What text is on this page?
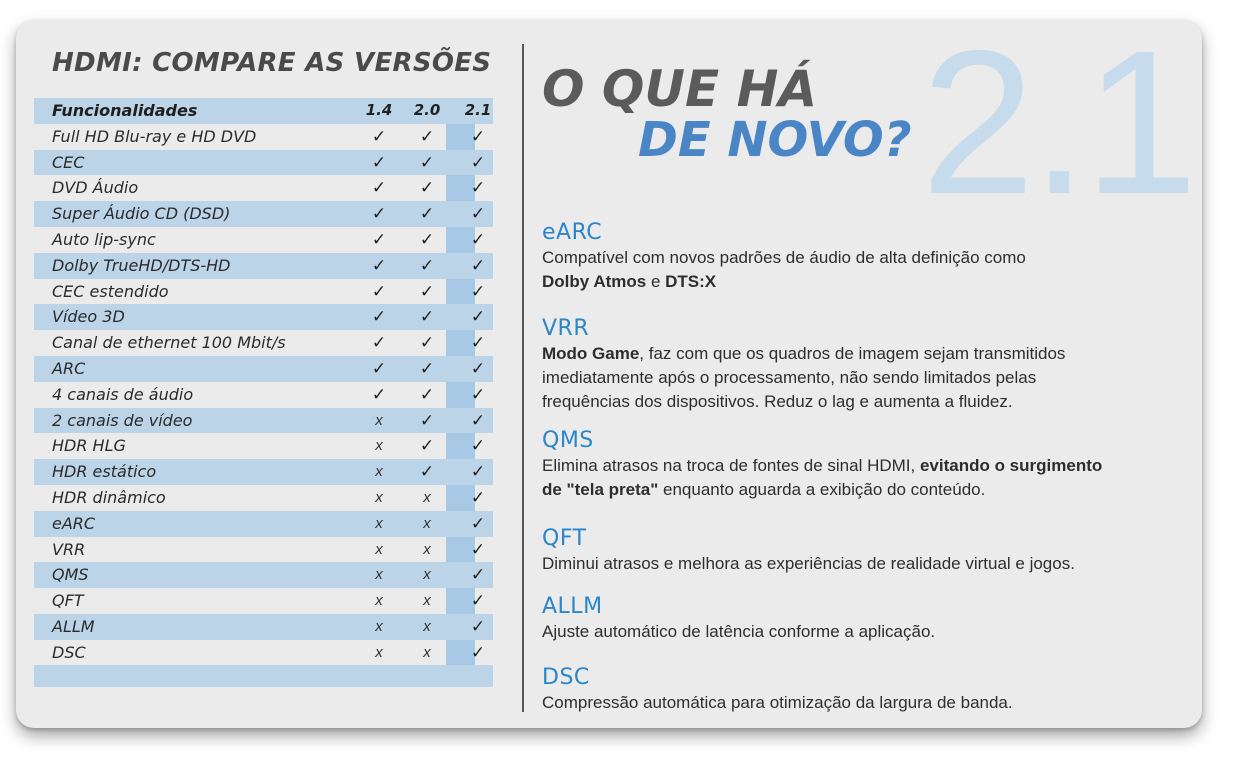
HDMI: COMPARE AS VERSÕES
Funcionalidades	1.4	2.0	2.1
Full HD Blu-ray e HD DVD	✓	✓	✓
CEC	✓	✓	✓
DVD Áudio	✓	✓	✓
Super Áudio CD (DSD)	✓	✓	✓
Auto lip-sync	✓	✓	✓
Dolby TrueHD/DTS-HD	✓	✓	✓
CEC estendido	✓	✓	✓
Vídeo 3D	✓	✓	✓
Canal de ethernet 100 Mbit/s	✓	✓	✓
ARC	✓	✓	✓
4 canais de áudio	✓	✓	✓
2 canais de vídeo	x	✓	✓
HDR HLG	x	✓	✓
HDR estático	x	✓	✓
HDR dinâmico	x	x	✓
eARC	x	x	✓
VRR	x	x	✓
QMS	x	x	✓
QFT	x	x	✓
ALLM	x	x	✓
DSC	x	x	✓
2.1
O QUE HÁ
DE NOVO?
eARC
Compatível com novos padrões de áudio de alta definição como
Dolby Atmos e DTS:X
VRR
Modo Game, faz com que os quadros de imagem sejam transmitidos
imediatamente após o processamento, não sendo limitados pelas
frequências dos dispositivos. Reduz o lag e aumenta a fluidez.
QMS
Elimina atrasos na troca de fontes de sinal HDMI, evitando o surgimento
de "tela preta" enquanto aguarda a exibição do conteúdo.
QFT
Diminui atrasos e melhora as experiências de realidade virtual e jogos.
ALLM
Ajuste automático de latência conforme a aplicação.
DSC
Compressão automática para otimização da largura de banda.
